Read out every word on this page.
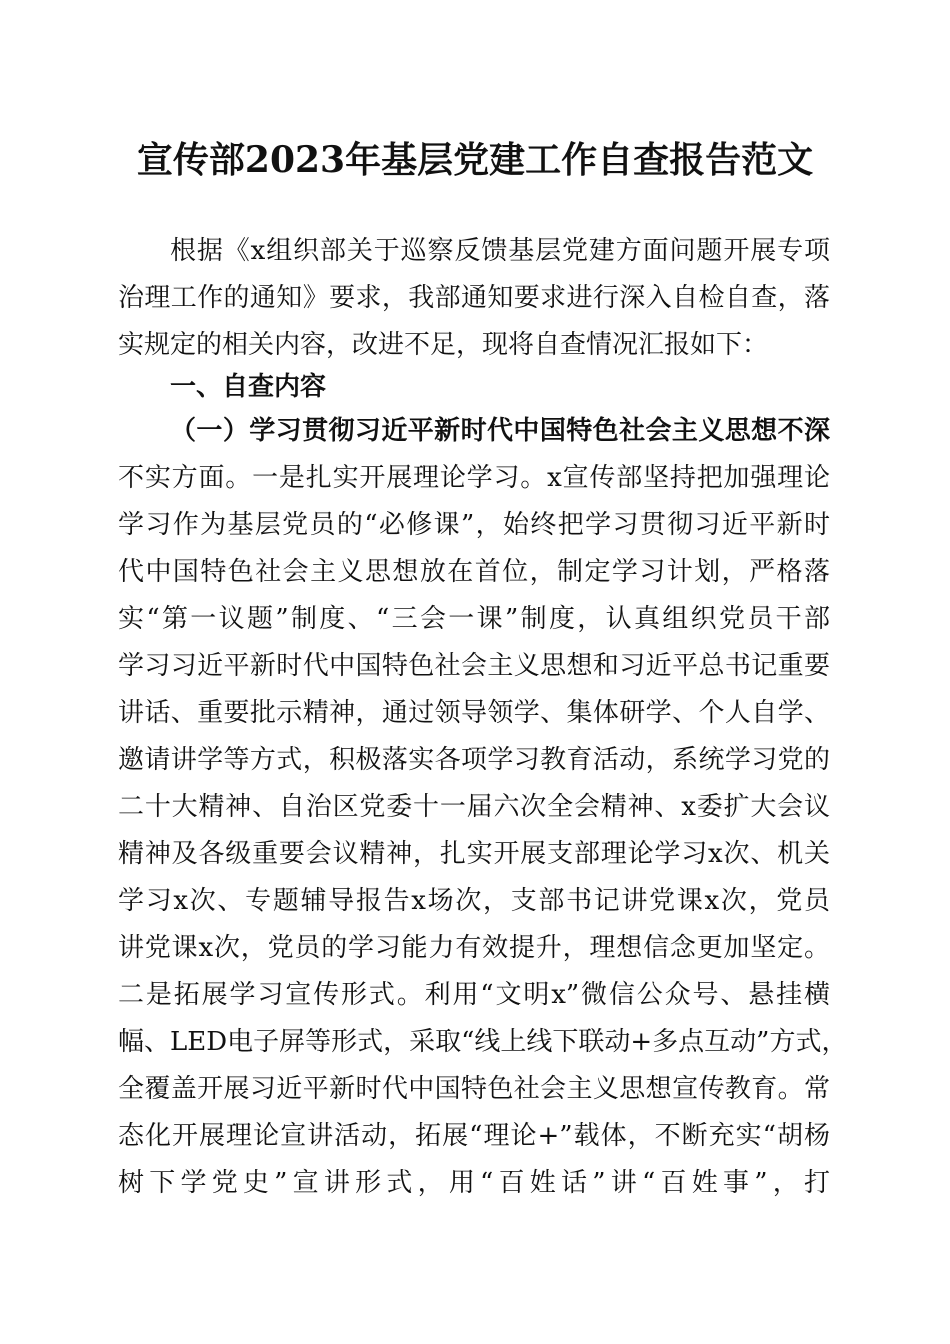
宣传部2023年基层党建工作自查报告范文
根据《x组织部关于巡察反馈基层党建方面问题开展专项
治理工作的通知》要求，我部通知要求进行深入自检自查，落
实规定的相关内容，改进不足，现将自查情况汇报如下：
一、自查内容
（一）学习贯彻习近平新时代中国特色社会主义思想不深
不实方面。一是扎实开展理论学习。x宣传部坚持把加强理论
学习作为基层党员的“必修课”，始终把学习贯彻习近平新时
代中国特色社会主义思想放在首位，制定学习计划，严格落
实“第一议题”制度、“三会一课”制度，认真组织党员干部
学习习近平新时代中国特色社会主义思想和习近平总书记重要
讲话、重要批示精神，通过领导领学、集体研学、个人自学、
邀请讲学等方式，积极落实各项学习教育活动，系统学习党的
二十大精神、自治区党委十一届六次全会精神、x委扩大会议
精神及各级重要会议精神，扎实开展支部理论学习x次、机关
学习x次、专题辅导报告x场次，支部书记讲党课x次，党员
讲党课x次，党员的学习能力有效提升，理想信念更加坚定。
二是拓展学习宣传形式。利用“文明x”微信公众号、悬挂横
幅、LED电子屏等形式，采取“线上线下联动+多点互动”方式，
全覆盖开展习近平新时代中国特色社会主义思想宣传教育。常
态化开展理论宣讲活动，拓展“理论+”载体，不断充实“胡杨
树下学党史”宣讲形式，用“百姓话”讲“百姓事”，打
